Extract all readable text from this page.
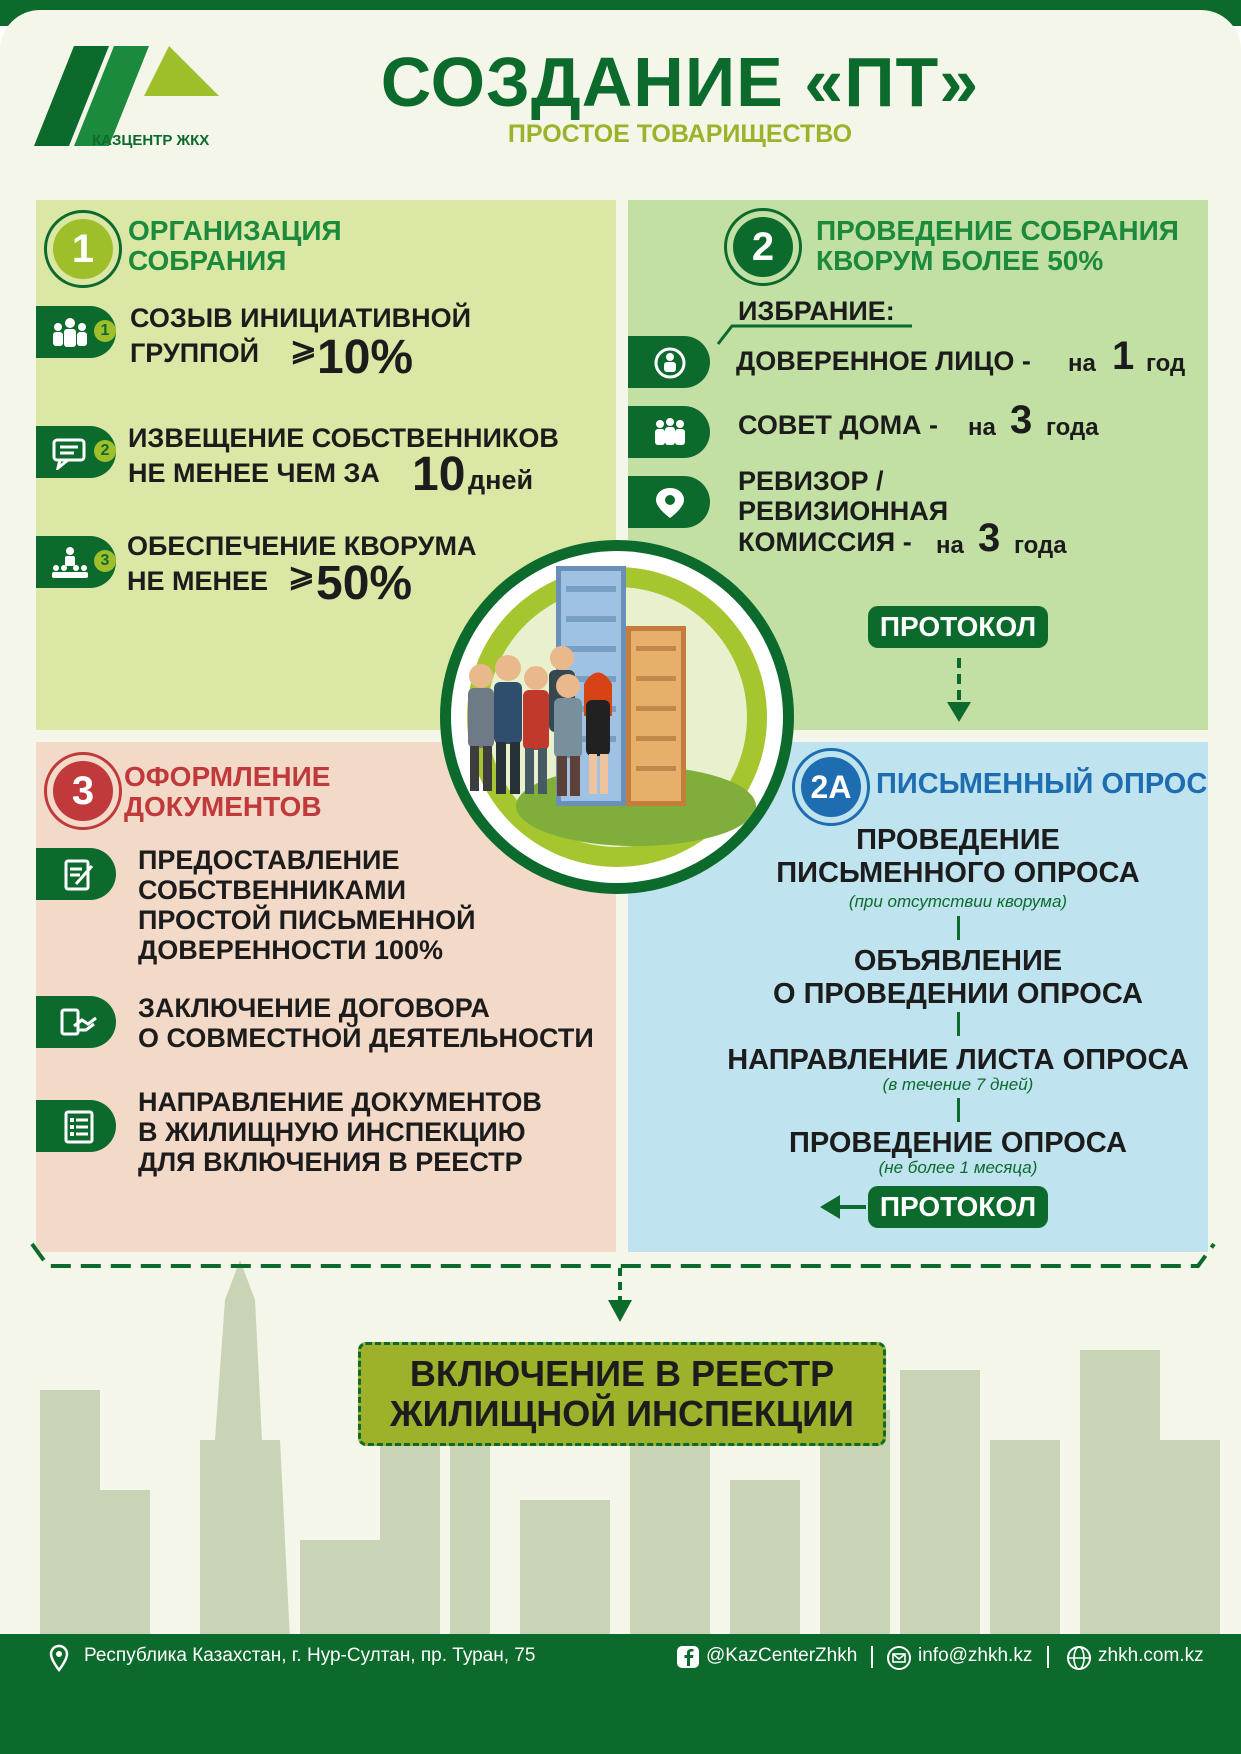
КАЗЦЕНТР ЖКХ
СОЗДАНИЕ «ПТ»
ПРОСТОЕ ТОВАРИЩЕСТВО
1	ОРГАНИЗАЦИЯ
СОБРАНИЯ
1 СОЗЫВ ИНИЦИАТИВНОЙ
ГРУППОЙ ⩾ 10%
2 ИЗВЕЩЕНИЕ СОБСТВЕННИКОВ
НЕ МЕНЕЕ ЧЕМ ЗА 10 дней
3 ОБЕСПЕЧЕНИЕ КВОРУМА
НЕ МЕНЕЕ ⩾ 50%
2	ПРОВЕДЕНИЕ СОБРАНИЯ
КВОРУМ БОЛЕЕ 50%
ИЗБРАНИЕ:
ДОВЕРЕННОЕ ЛИЦО - на 1 год
СОВЕТ ДОМА - на 3 года
РЕВИЗОР /
РЕВИЗИОННАЯ
КОМИССИЯ - на 3 года
ПРОТОКОЛ
3	ОФОРМЛЕНИЕ
ДОКУМЕНТОВ
ПРЕДОСТАВЛЕНИЕ
СОБСТВЕННИКАМИ
ПРОСТОЙ ПИСЬМЕННОЙ
ДОВЕРЕННОСТИ 100%
ЗАКЛЮЧЕНИЕ ДОГОВОРА
О СОВМЕСТНОЙ ДЕЯТЕЛЬНОСТИ
НАПРАВЛЕНИЕ ДОКУМЕНТОВ
В ЖИЛИЩНУЮ ИНСПЕКЦИЮ
ДЛЯ ВКЛЮЧЕНИЯ В РЕЕСТР
2А ПИСЬМЕННЫЙ ОПРОС
ПРОВЕДЕНИЕ
ПИСЬМЕННОГО ОПРОСА
(при отсутствии кворума)
ОБЪЯВЛЕНИЕ
О ПРОВЕДЕНИИ ОПРОСА
НАПРАВЛЕНИЕ ЛИСТА ОПРОСА
(в течение 7 дней)
ПРОВЕДЕНИЕ ОПРОСА
(не более 1 месяца)
ПРОТОКОЛ
ВКЛЮЧЕНИЕ В РЕЕСТР
ЖИЛИЩНОЙ ИНСПЕКЦИИ
Республика Казахстан, г. Нур-Султан, пр. Туран, 75	@KazCenterZhkh	info@zhkh.kz	zhkh.com.kz
